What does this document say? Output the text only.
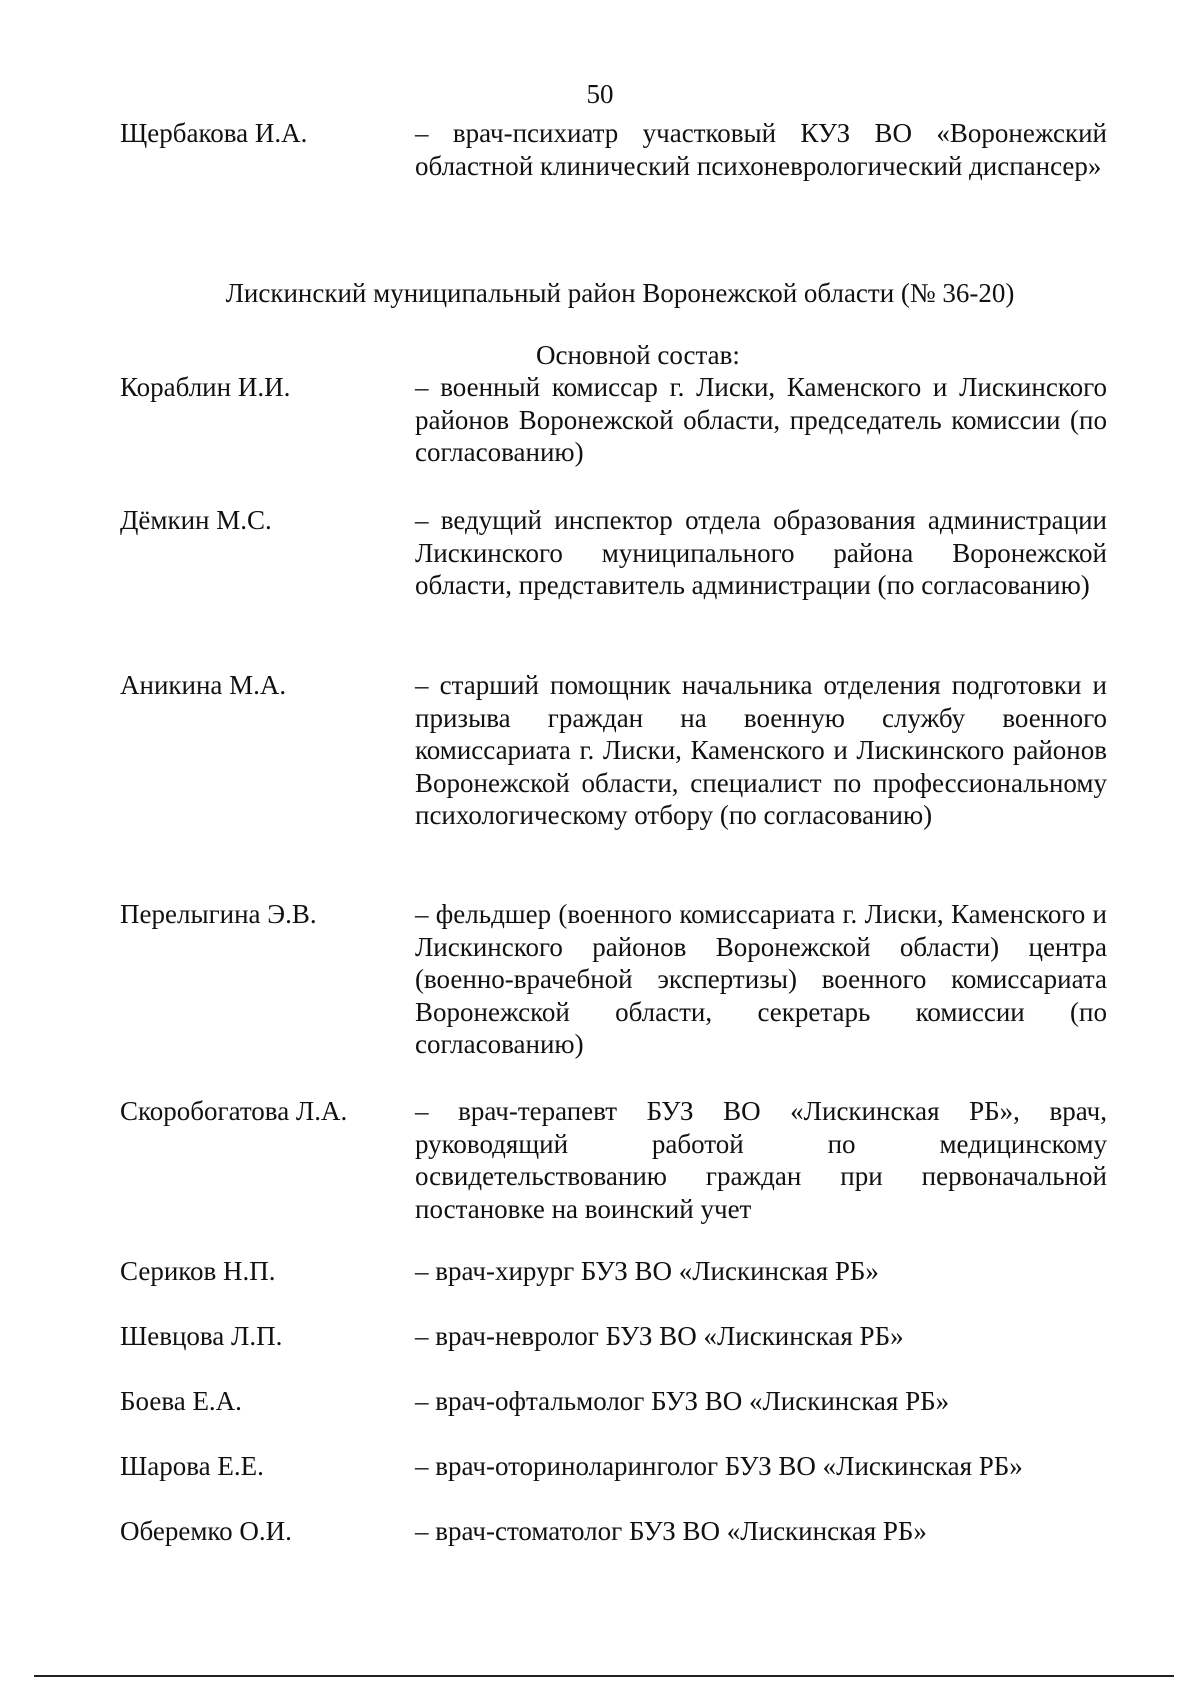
50
Щербакова И.А.	– врач-психиатр участковый КУЗ ВО «Воронежский областной клинический психоневрологический диспансер»
Лискинский муниципальный район Воронежской области (№ 36-20)
Основной состав:
Кораблин И.И.	– военный комиссар г. Лиски, Каменского и Лискинского районов Воронежской области, председатель комиссии (по согласованию)
Дёмкин М.С.	– ведущий инспектор отдела образования администрации Лискинского муниципального района Воронежской области, представитель администрации (по согласованию)
Аникина М.А.	– старший помощник начальника отделения подготовки и призыва граждан на военную службу военного комиссариата г. Лиски, Каменского и Лискинского районов Воронежской области, специалист по профессиональному психологическому отбору (по согласованию)
Перелыгина Э.В.	– фельдшер (военного комиссариата г. Лиски, Каменского и Лискинского районов Воронежской области) центра (военно-врачебной экспертизы) военного комиссариата Воронежской области, секретарь комиссии (по согласованию)
Скоробогатова Л.А.	– врач-терапевт БУЗ ВО «Лискинская РБ», врач, руководящий работой по медицинскому освидетельствованию граждан при первоначальной постановке на воинский учет
Сериков Н.П.	– врач-хирург БУЗ ВО «Лискинская РБ»
Шевцова Л.П.	– врач-невролог БУЗ ВО «Лискинская РБ»
Боева Е.А.	– врач-офтальмолог БУЗ ВО «Лискинская РБ»
Шарова Е.Е.	– врач-оториноларинголог БУЗ ВО «Лискинская РБ»
Оберемко О.И.	– врач-стоматолог БУЗ ВО «Лискинская РБ»
